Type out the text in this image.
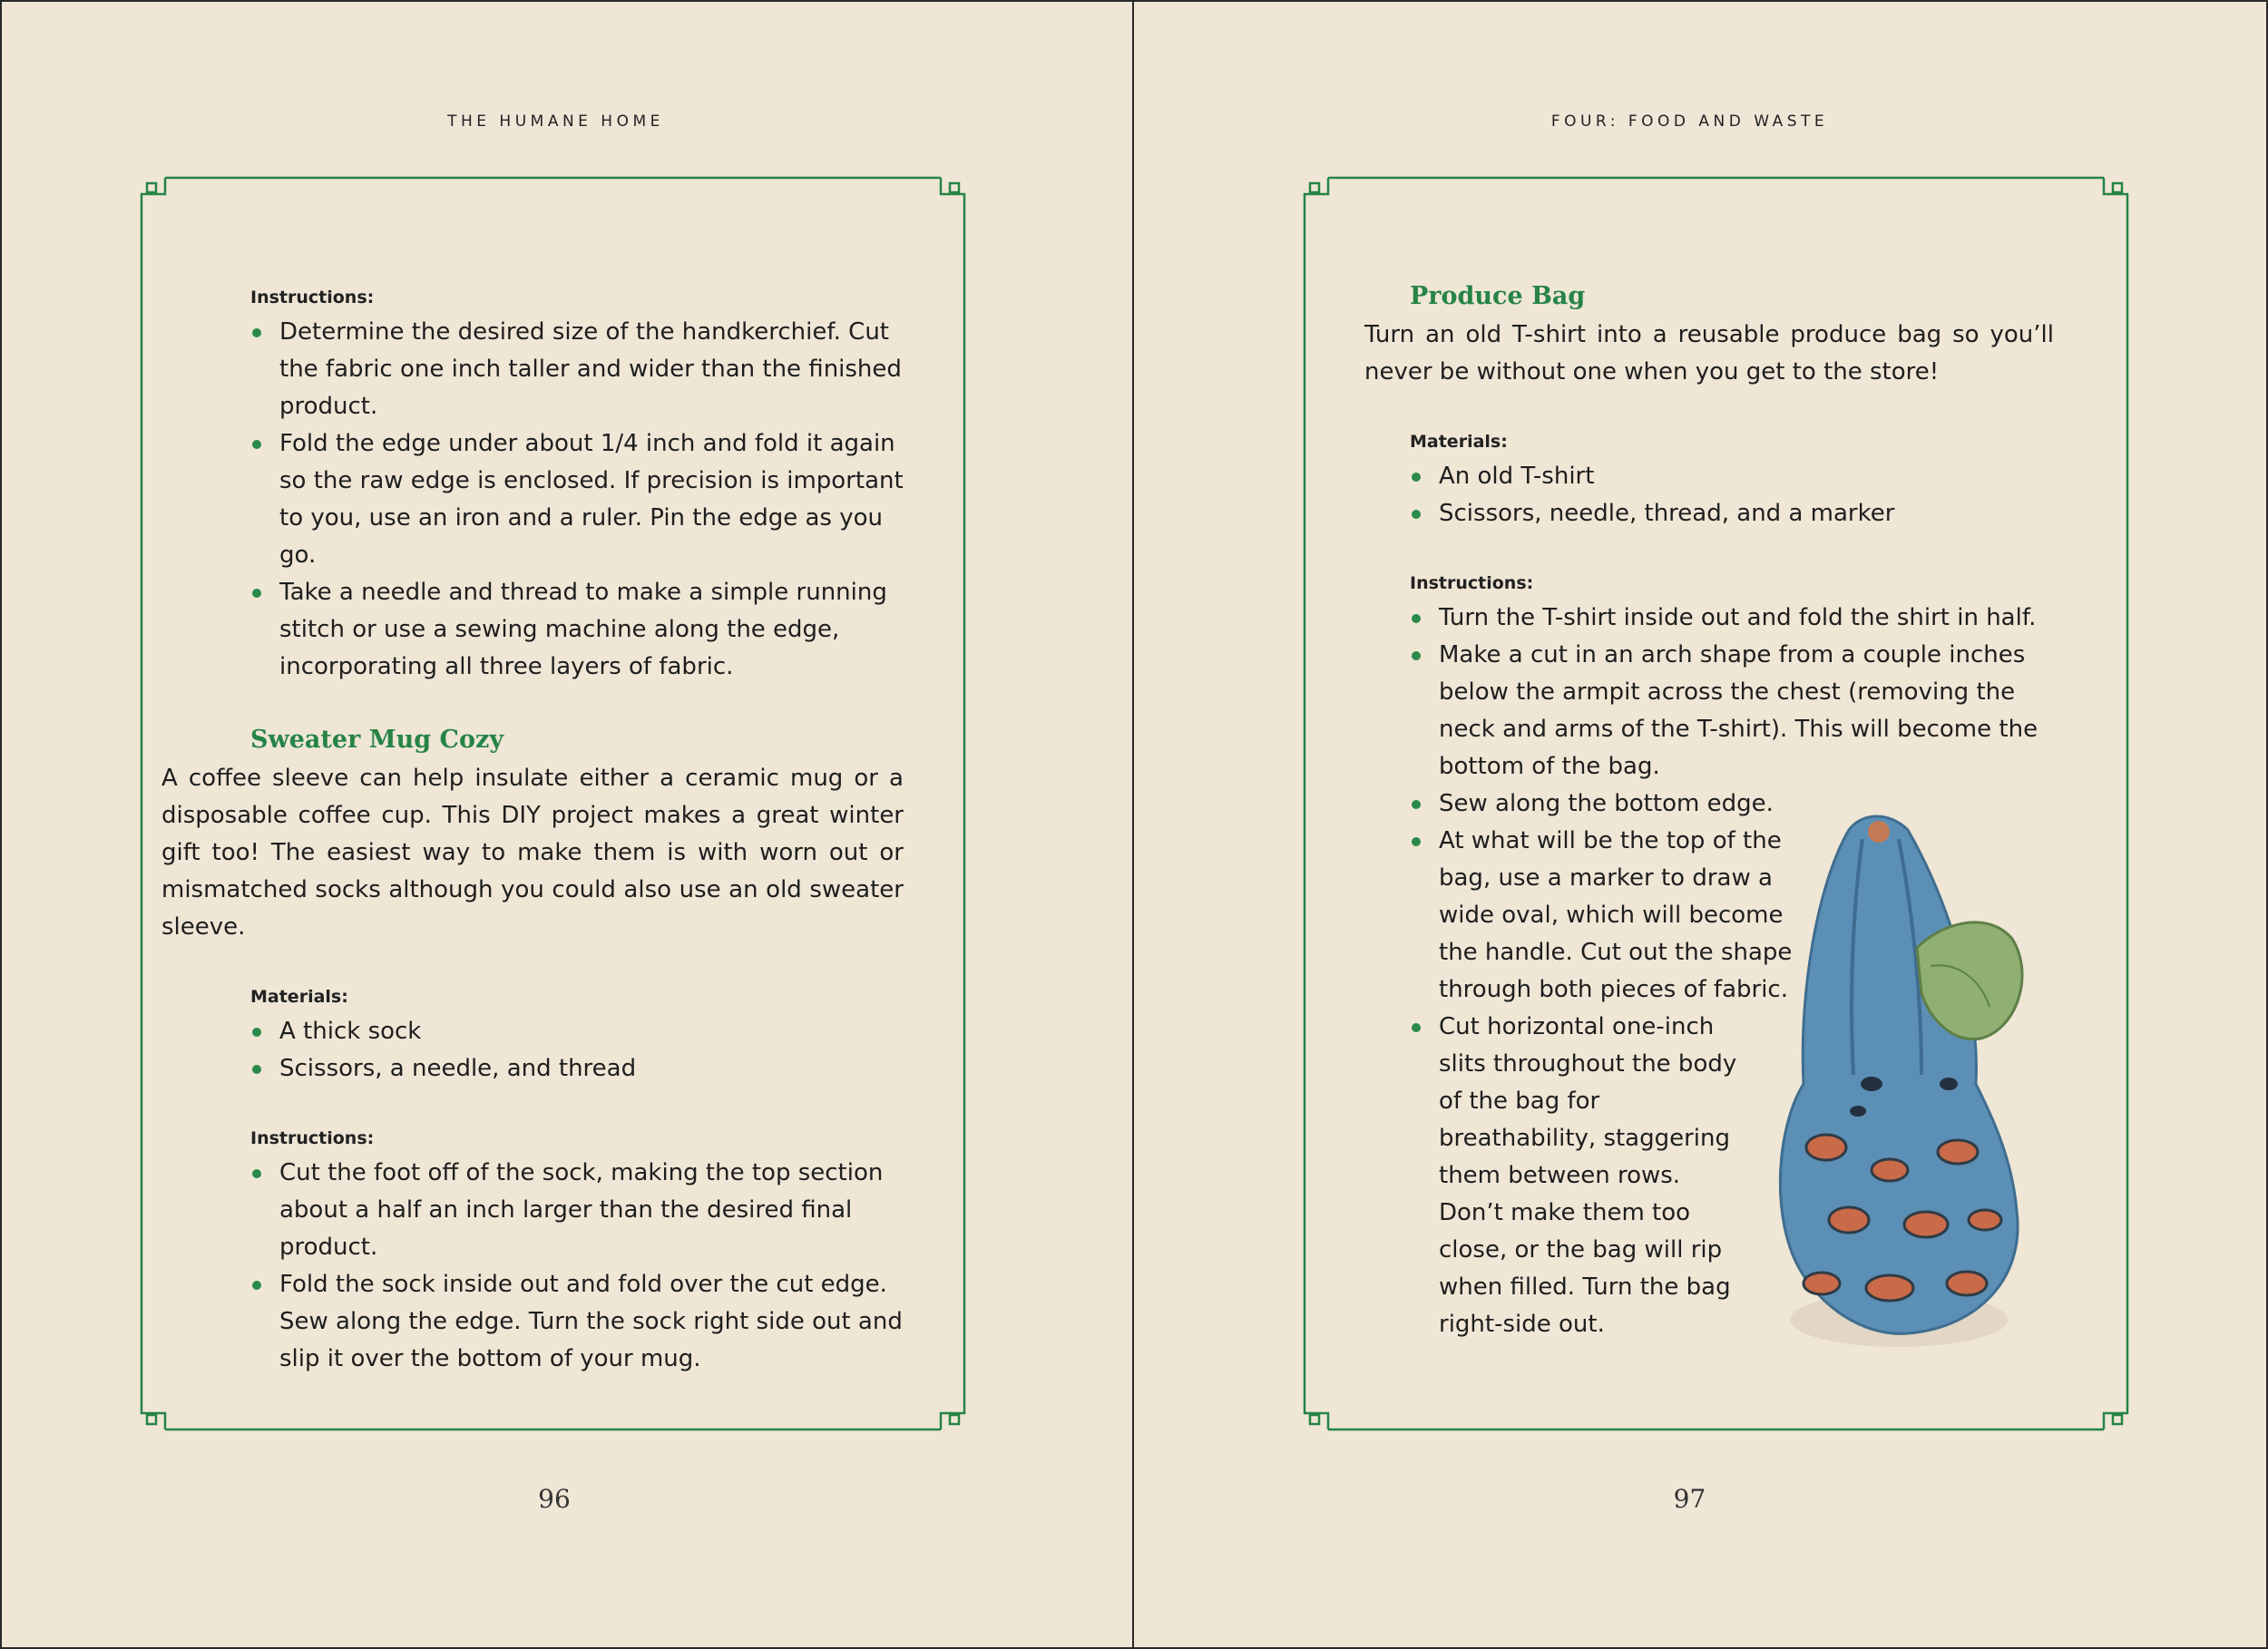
THE HUMANE HOME
Instructions:
Determine the desired size of the handkerchief. Cut the fabric one inch taller and wider than the finished product.
Fold the edge under about 1/4 inch and fold it again so the raw edge is enclosed. If precision is important to you, use an iron and a ruler. Pin the edge as you go.
Take a needle and thread to make a simple running stitch or use a sewing machine along the edge, incorporating all three layers of fabric.
Sweater Mug Cozy

A coffee sleeve can help insulate either a ceramic mug or a disposable coffee cup. This DIY project makes a great winter gift too! The easiest way to make them is with worn out or mismatched socks although you could also use an old sweater sleeve.

Materials:
A thick sock
Scissors, a needle, and thread
Instructions:
Cut the foot off of the sock, making the top section about a half an inch larger than the desired final product.
Fold the sock inside out and fold over the cut edge. Sew along the edge. Turn the sock right side out and slip it over the bottom of your mug.
96
FOUR: FOOD AND WASTE
Produce Bag

Turn an old T-shirt into a reusable produce bag so you’ll never be without one when you get to the store!

Materials:
An old T-shirt
Scissors, needle, thread, and a marker
Instructions:
Turn the T-shirt inside out and fold the shirt in half.
Make a cut in an arch shape from a couple inches below the armpit across the chest (removing the neck and arms of the T-shirt). This will become the bottom of the bag.
Sew along the bottom edge.
At what will be the top of the bag, use a marker to draw a wide oval, which will become the handle. Cut out the shape through both pieces of fabric.
Cut horizontal one-inch slits throughout the body of the bag for breathability, staggering them between rows. Don’t make them too close, or the bag will rip when filled. Turn the bag right-side out.
97
